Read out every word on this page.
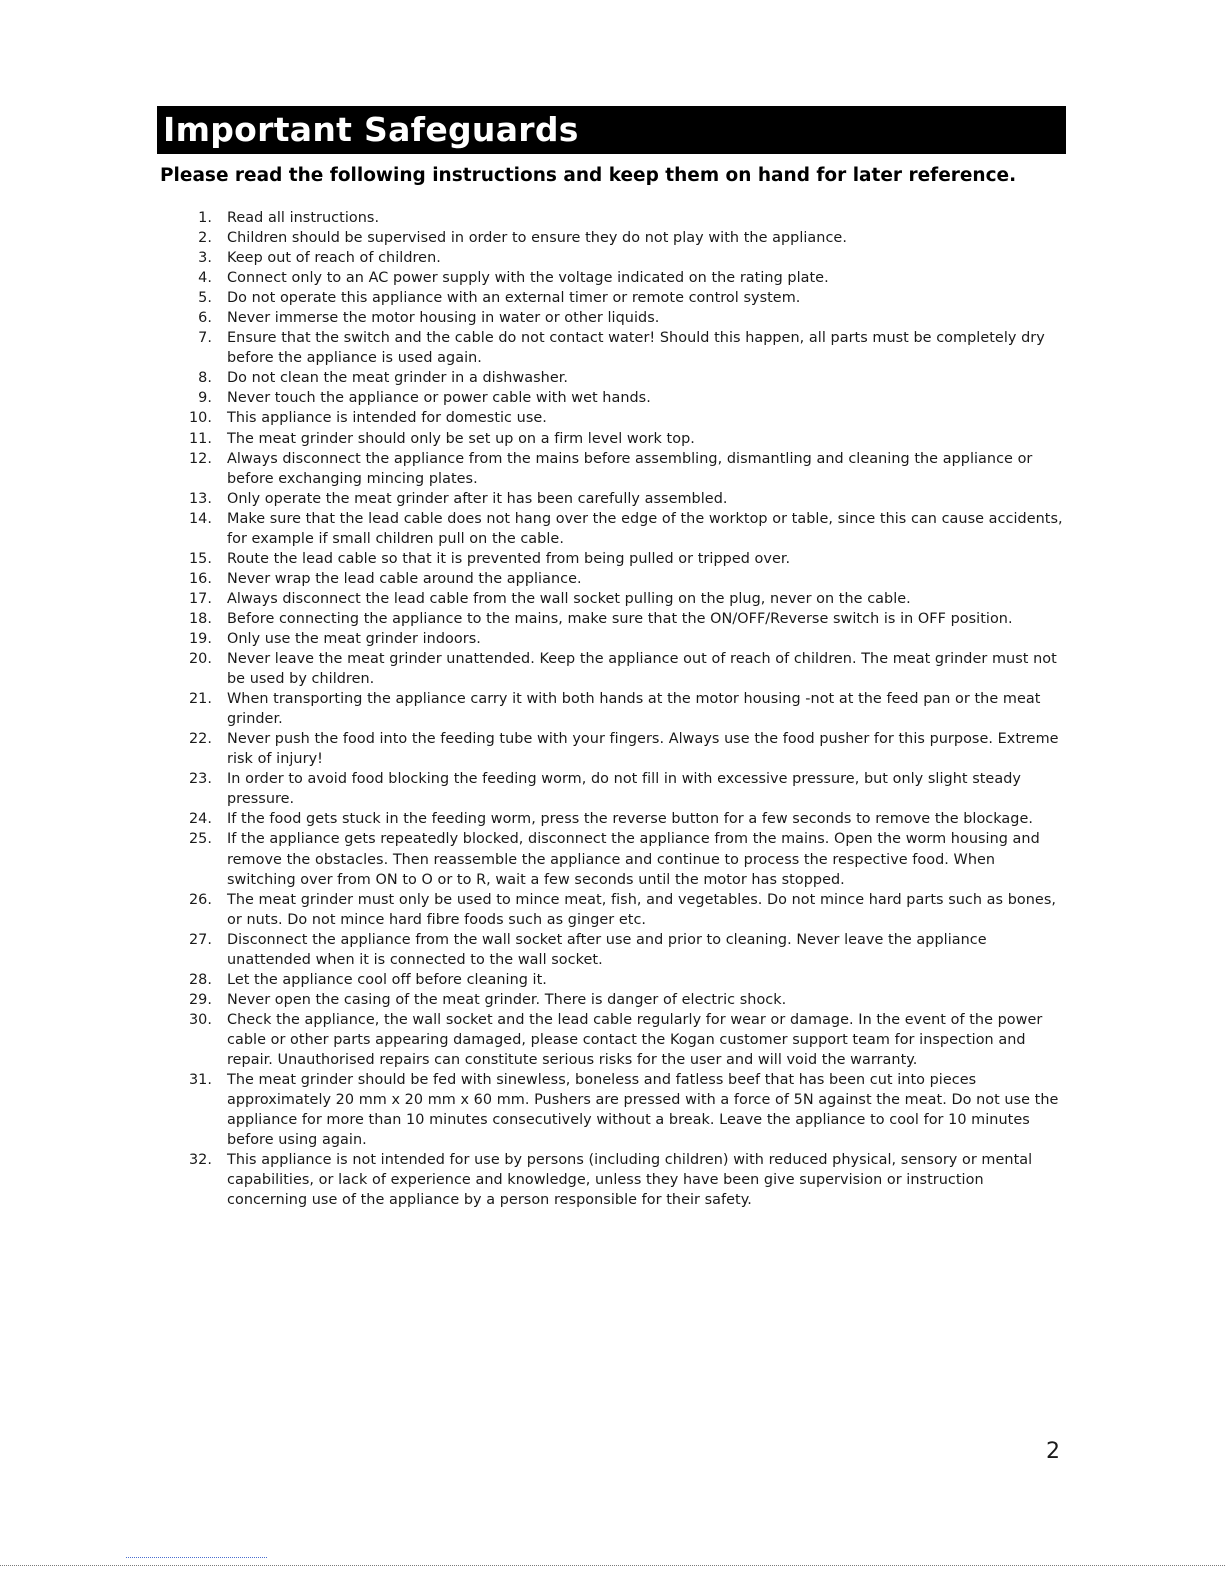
Important Safeguards
Please read the following instructions and keep them on hand for later reference.
1. Read all instructions.
2. Children should be supervised in order to ensure they do not play with the appliance.
3. Keep out of reach of children.
4. Connect only to an AC power supply with the voltage indicated on the rating plate.
5. Do not operate this appliance with an external timer or remote control system.
6. Never immerse the motor housing in water or other liquids.
7. Ensure that the switch and the cable do not contact water! Should this happen, all parts must be completely dry before the appliance is used again.
8. Do not clean the meat grinder in a dishwasher.
9. Never touch the appliance or power cable with wet hands.
10. This appliance is intended for domestic use.
11. The meat grinder should only be set up on a firm level work top.
12. Always disconnect the appliance from the mains before assembling, dismantling and cleaning the appliance or before exchanging mincing plates.
13. Only operate the meat grinder after it has been carefully assembled.
14. Make sure that the lead cable does not hang over the edge of the worktop or table, since this can cause accidents, for example if small children pull on the cable.
15. Route the lead cable so that it is prevented from being pulled or tripped over.
16. Never wrap the lead cable around the appliance.
17. Always disconnect the lead cable from the wall socket pulling on the plug, never on the cable.
18. Before connecting the appliance to the mains, make sure that the ON/OFF/Reverse switch is in OFF position.
19. Only use the meat grinder indoors.
20. Never leave the meat grinder unattended. Keep the appliance out of reach of children. The meat grinder must not be used by children.
21. When transporting the appliance carry it with both hands at the motor housing -not at the feed pan or the meat grinder.
22. Never push the food into the feeding tube with your fingers. Always use the food pusher for this purpose. Extreme risk of injury!
23. In order to avoid food blocking the feeding worm, do not fill in with excessive pressure, but only slight steady pressure.
24. If the food gets stuck in the feeding worm, press the reverse button for a few seconds to remove the blockage.
25. If the appliance gets repeatedly blocked, disconnect the appliance from the mains. Open the worm housing and remove the obstacles. Then reassemble the appliance and continue to process the respective food. When switching over from ON to O or to R, wait a few seconds until the motor has stopped.
26. The meat grinder must only be used to mince meat, fish, and vegetables. Do not mince hard parts such as bones, or nuts. Do not mince hard fibre foods such as ginger etc.
27. Disconnect the appliance from the wall socket after use and prior to cleaning. Never leave the appliance unattended when it is connected to the wall socket.
28. Let the appliance cool off before cleaning it.
29. Never open the casing of the meat grinder. There is danger of electric shock.
30. Check the appliance, the wall socket and the lead cable regularly for wear or damage. In the event of the power cable or other parts appearing damaged, please contact the Kogan customer support team for inspection and repair. Unauthorised repairs can constitute serious risks for the user and will void the warranty.
31. The meat grinder should be fed with sinewless, boneless and fatless beef that has been cut into pieces approximately 20 mm x 20 mm x 60 mm. Pushers are pressed with a force of 5N against the meat. Do not use the appliance for more than 10 minutes consecutively without a break. Leave the appliance to cool for 10 minutes before using again.
32. This appliance is not intended for use by persons (including children) with reduced physical, sensory or mental capabilities, or lack of experience and knowledge, unless they have been give supervision or instruction concerning use of the appliance by a person responsible for their safety.
2
